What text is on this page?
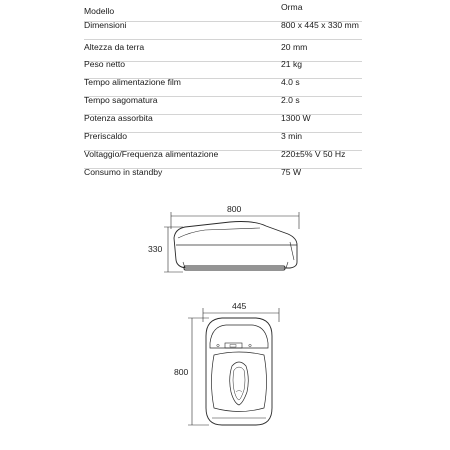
Modello	Orma
Dimensioni	800 x 445 x 330 mm
Altezza da terra	20 mm
Peso netto	21 kg
Tempo alimentazione film	4.0 s
Tempo sagomatura	2.0 s
Potenza assorbita	1300 W
Preriscaldo	3 min
Voltaggio/Frequenza alimentazione	220±5% V 50 Hz
Consumo in standby	75 W
800
330
445
800
